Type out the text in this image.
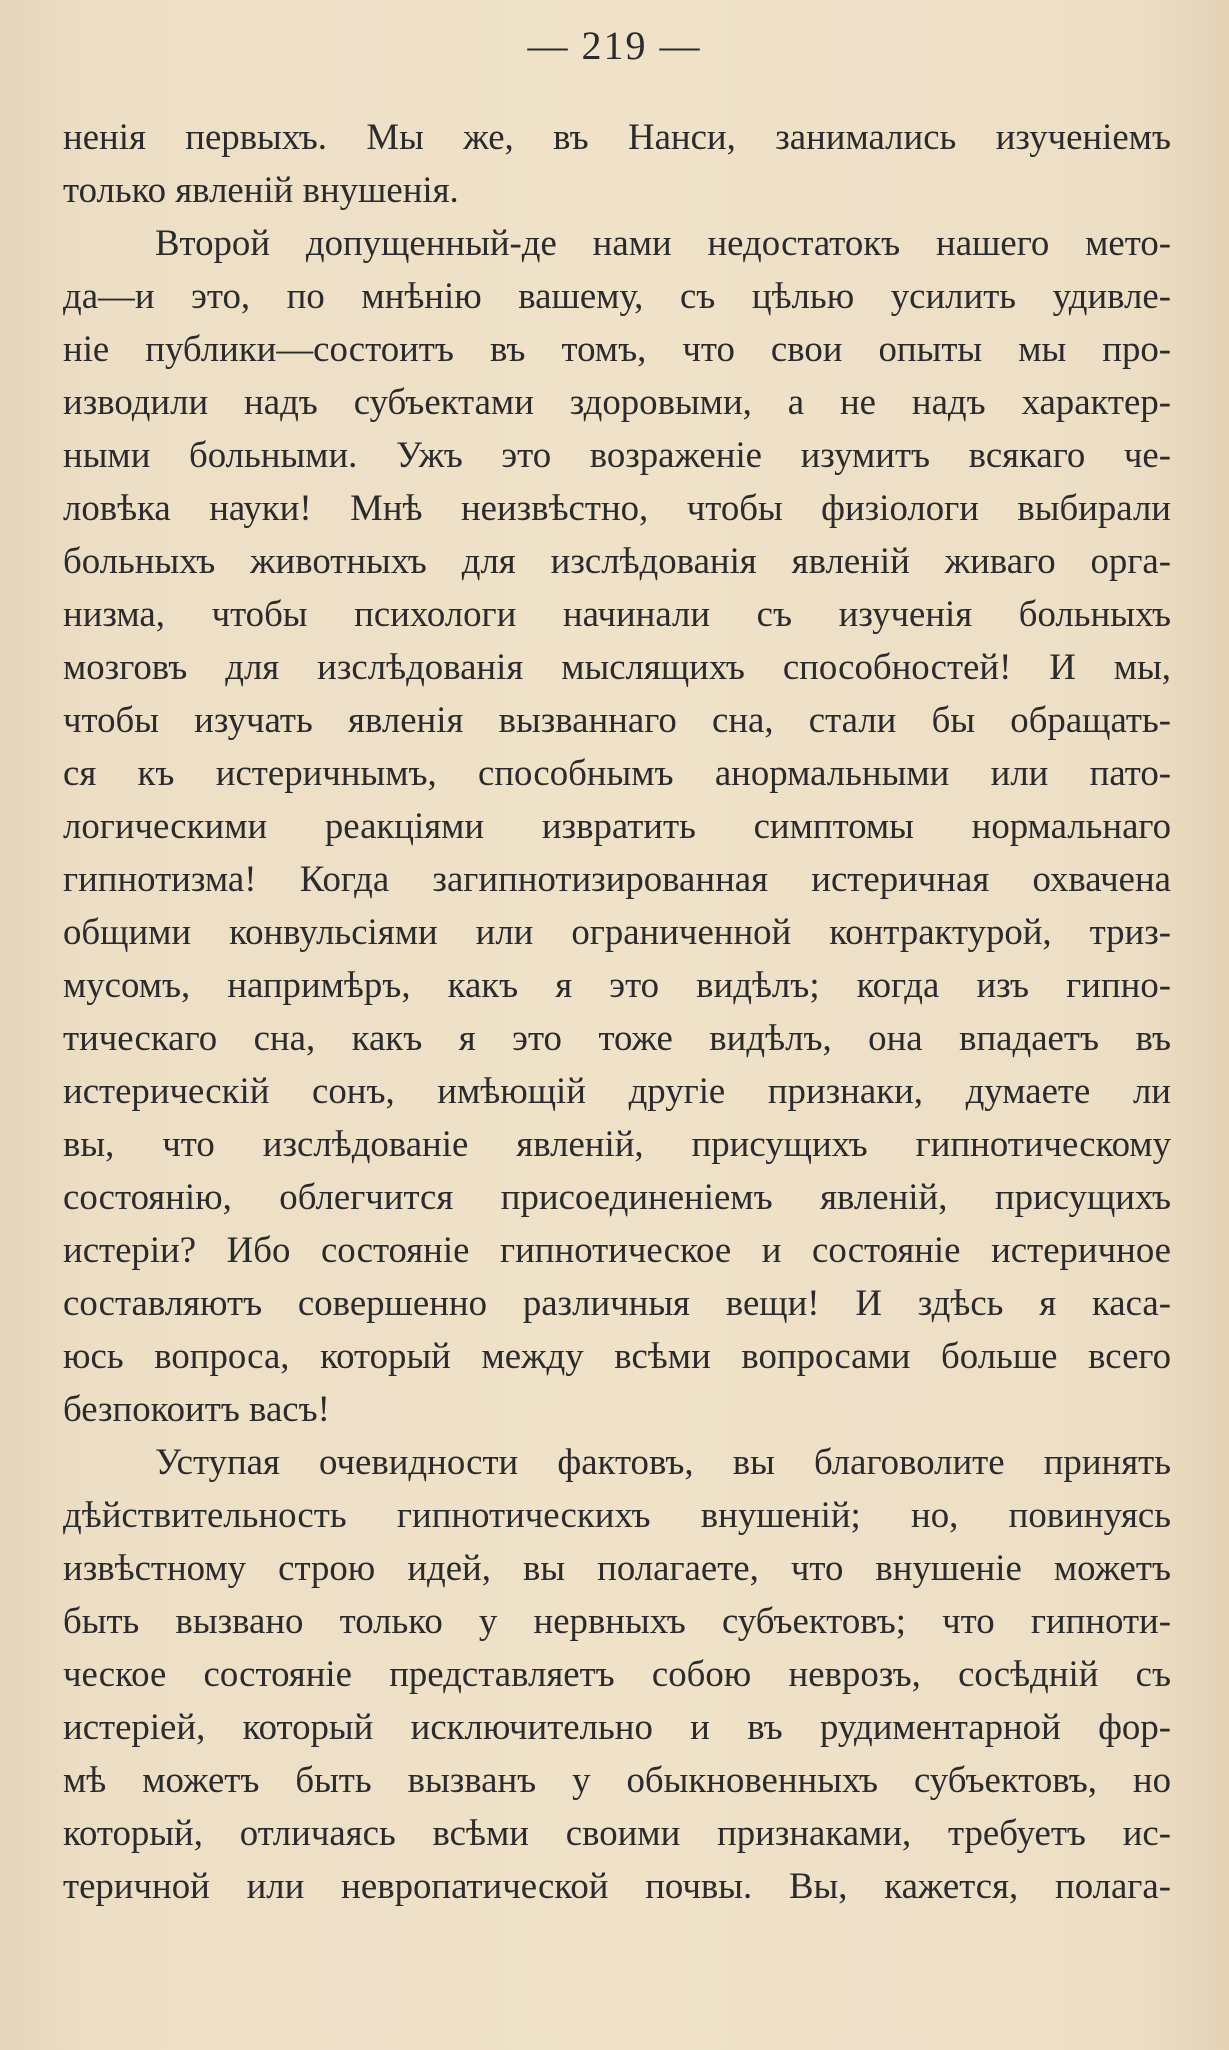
— 219 —
ненія первыхъ. Мы же, въ Нанси, занимались изученіемъ
только явленій внушенія.
Второй допущенный-де нами недостатокъ нашего мето-
да—и это, по мнѣнію вашему, съ цѣлью усилить удивле-
ніе публики—состоитъ въ томъ, что свои опыты мы про-
изводили надъ субъектами здоровыми, а не надъ характер-
ными больными. Ужъ это возраженіе изумитъ всякаго че-
ловѣка науки! Мнѣ неизвѣстно, чтобы физіологи выбирали
больныхъ животныхъ для изслѣдованія явленій живаго орга-
низма, чтобы психологи начинали съ изученія больныхъ
мозговъ для изслѣдованія мыслящихъ способностей! И мы,
чтобы изучать явленія вызваннаго сна, стали бы обращать-
ся къ истеричнымъ, способнымъ анормальными или пато-
логическими реакціями извратить симптомы нормальнаго
гипнотизма! Когда загипнотизированная истеричная охвачена
общими конвульсіями или ограниченной контрактурой, триз-
мусомъ, напримѣръ, какъ я это видѣлъ; когда изъ гипно-
тическаго сна, какъ я это тоже видѣлъ, она впадаетъ въ
истерическій сонъ, имѣющій другіе признаки, думаете ли
вы, что изслѣдованіе явленій, присущихъ гипнотическому
состоянію, облегчится присоединеніемъ явленій, присущихъ
истеріи? Ибо состояніе гипнотическое и состояніе истеричное
составляютъ совершенно различныя вещи! И здѣсь я каса-
юсь вопроса, который между всѣми вопросами больше всего
безпокоитъ васъ!
Уступая очевидности фактовъ, вы благоволите принять
дѣйствительность гипнотическихъ внушеній; но, повинуясь
извѣстному строю идей, вы полагаете, что внушеніе можетъ
быть вызвано только у нервныхъ субъектовъ; что гипноти-
ческое состояніе представляетъ собою неврозъ, сосѣдній съ
истеріей, который исключительно и въ рудиментарной фор-
мѣ можетъ быть вызванъ у обыкновенныхъ субъектовъ, но
который, отличаясь всѣми своими признаками, требуетъ ис-
теричной или невропатической почвы. Вы, кажется, полага-
